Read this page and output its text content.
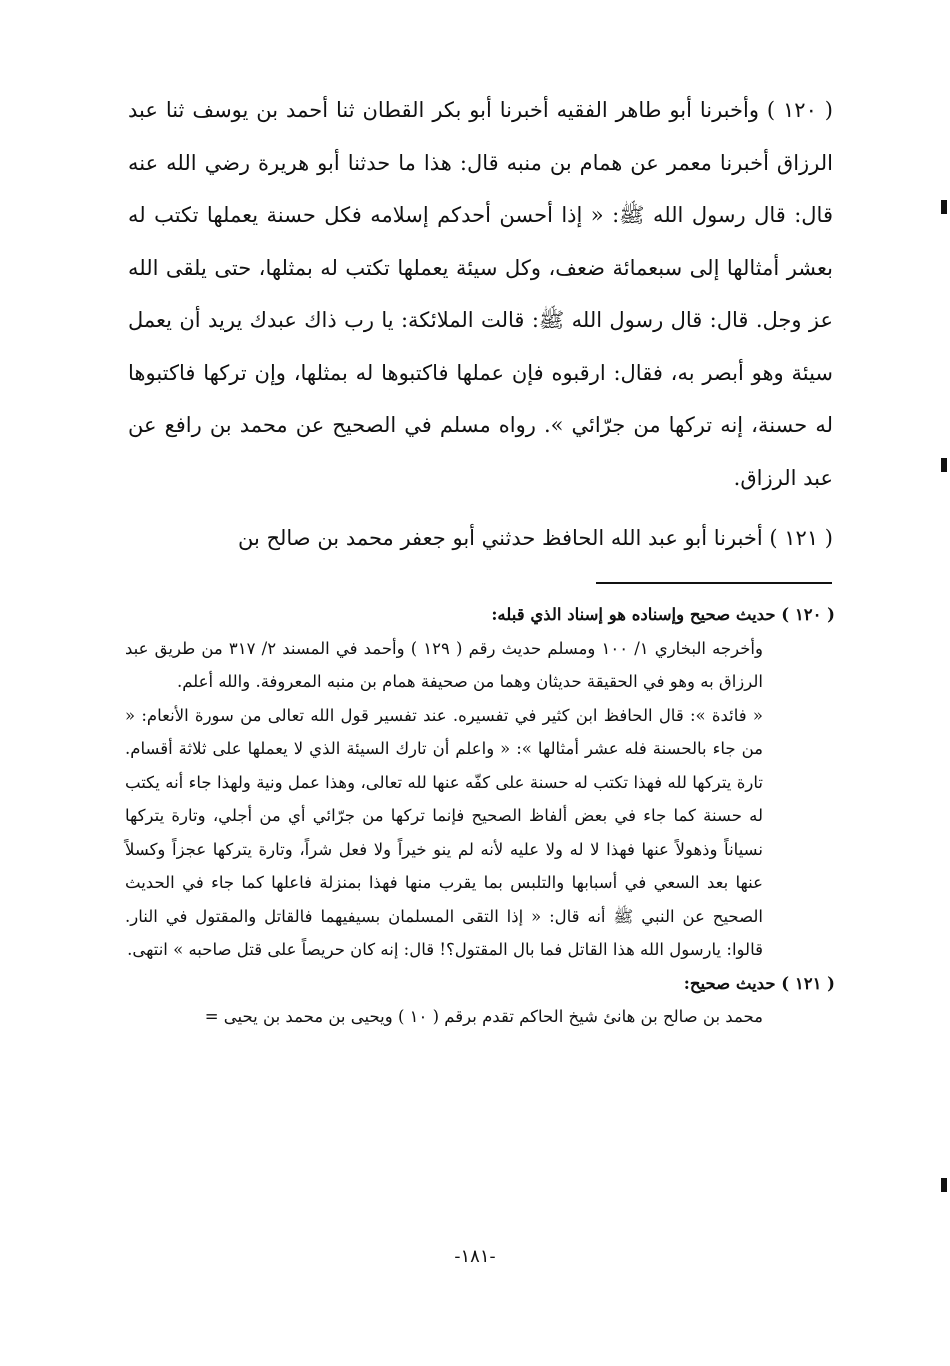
( ١٢٠ ) وأخبرنا أبو طاهر الفقيه أخبرنا أبو بكر القطان ثنا أحمد بن يوسف ثنا عبد الرزاق أخبرنا معمر عن همام بن منبه قال: هذا ما حدثنا أبو هريرة رضي الله عنه قال: قال رسول الله ﷺ: « إذا أحسن أحدكم إسلامه فكل حسنة يعملها تكتب له بعشر أمثالها إلى سبعمائة ضعف، وكل سيئة يعملها تكتب له بمثلها، حتى يلقى الله عز وجل. قال: قال رسول الله ﷺ: قالت الملائكة: يا رب ذاك عبدك يريد أن يعمل سيئة وهو أبصر به، فقال: ارقبوه فإن عملها فاكتبوها له بمثلها، وإن تركها فاكتبوها له حسنة، إنه تركها من جرّائي ». رواه مسلم في الصحيح عن محمد بن رافع عن عبد الرزاق.

( ١٢١ ) أخبرنا أبو عبد الله الحافظ حدثني أبو جعفر محمد بن صالح بن

( ١٢٠ ) حديث صحيح وإسناده هو إسناد الذي قبله:

وأخرجه البخاري ١/ ١٠٠ ومسلم حديث رقم ( ١٢٩ ) وأحمد في المسند ٢/ ٣١٧ من طريق عبد الرزاق به وهو في الحقيقة حديثان وهما من صحيفة همام بن منبه المعروفة. والله أعلم.

« فائدة »: قال الحافظ ابن كثير في تفسيره. عند تفسير قول الله تعالى من سورة الأنعام: « من جاء بالحسنة فله عشر أمثالها »: « واعلم أن تارك السيئة الذي لا يعملها على ثلاثة أقسام. تارة يتركها لله فهذا تكتب له حسنة على كفّه عنها لله تعالى، وهذا عمل ونية ولهذا جاء أنه يكتب له حسنة كما جاء في بعض ألفاظ الصحيح فإنما تركها من جرّائي أي من أجلي، وتارة يتركها نسياناً وذهولاً عنها فهذا لا له ولا عليه لأنه لم ينو خيراً ولا فعل شراً، وتارة يتركها عجزاً وكسلاً عنها بعد السعي في أسبابها والتلبس بما يقرب منها فهذا بمنزلة فاعلها كما جاء في الحديث الصحيح عن النبي ﷺ أنه قال: « إذا التقى المسلمان بسيفيهما فالقاتل والمقتول في النار. قالوا: يارسول الله هذا القاتل فما بال المقتول؟! قال: إنه كان حريصاً على قتل صاحبه » انتهى.

( ١٢١ ) حديث صحيح:

محمد بن صالح بن هانئ شيخ الحاكم تقدم برقم ( ١٠ ) ويحيى بن محمد بن يحيى =

-١٨١-
